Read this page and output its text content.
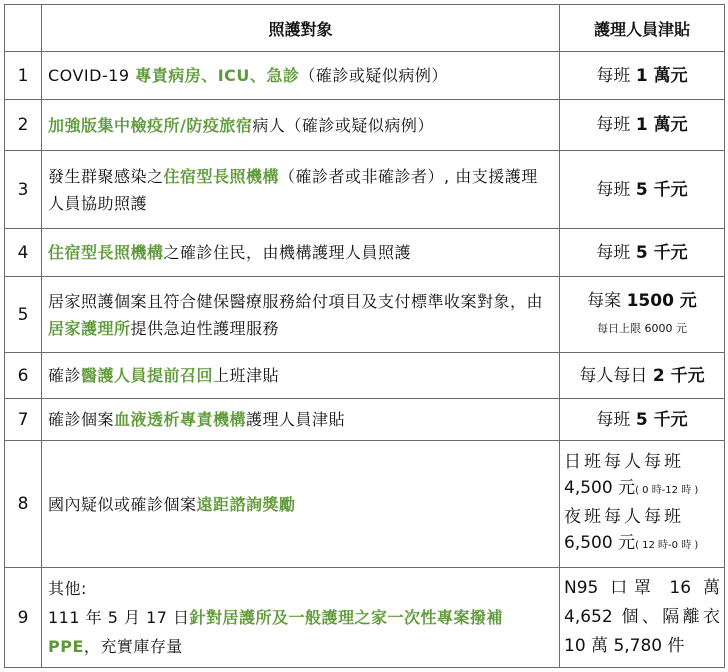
	照護對象	護理人員津貼
1	COVID-19 專責病房、ICU、急診（確診或疑似病例）	每班 1 萬元
2	加強版集中檢疫所/防疫旅宿病人（確診或疑似病例）	每班 1 萬元
3	發生群聚感染之住宿型長照機構（確診者或非確診者）, 由支援護理人員協助照護	每班 5 千元
4	住宿型長照機構之確診住民，由機構護理人員照護	每班 5 千元
5	居家照護個案且符合健保醫療服務給付項目及支付標準收案對象，由居家護理所提供急迫性護理服務	每案 1500 元
每日上限 6000 元
6	確診醫護人員提前召回上班津貼	每人每日 2 千元
7	確診個案血液透析專責機構護理人員津貼	每班 5 千元
8	國內疑似或確診個案遠距諮詢獎勵	日班每人每班
4,500 元( 0 時-12 時 )
夜班每人每班
6,500 元( 12 時-0 時 )

9	其他:
111 年 5 月 17 日針對居護所及一般護理之家一次性專案撥補 PPE，充實庫存量	N95 口罩 16 萬 4,652 個、隔離衣 10 萬 5,780 件
